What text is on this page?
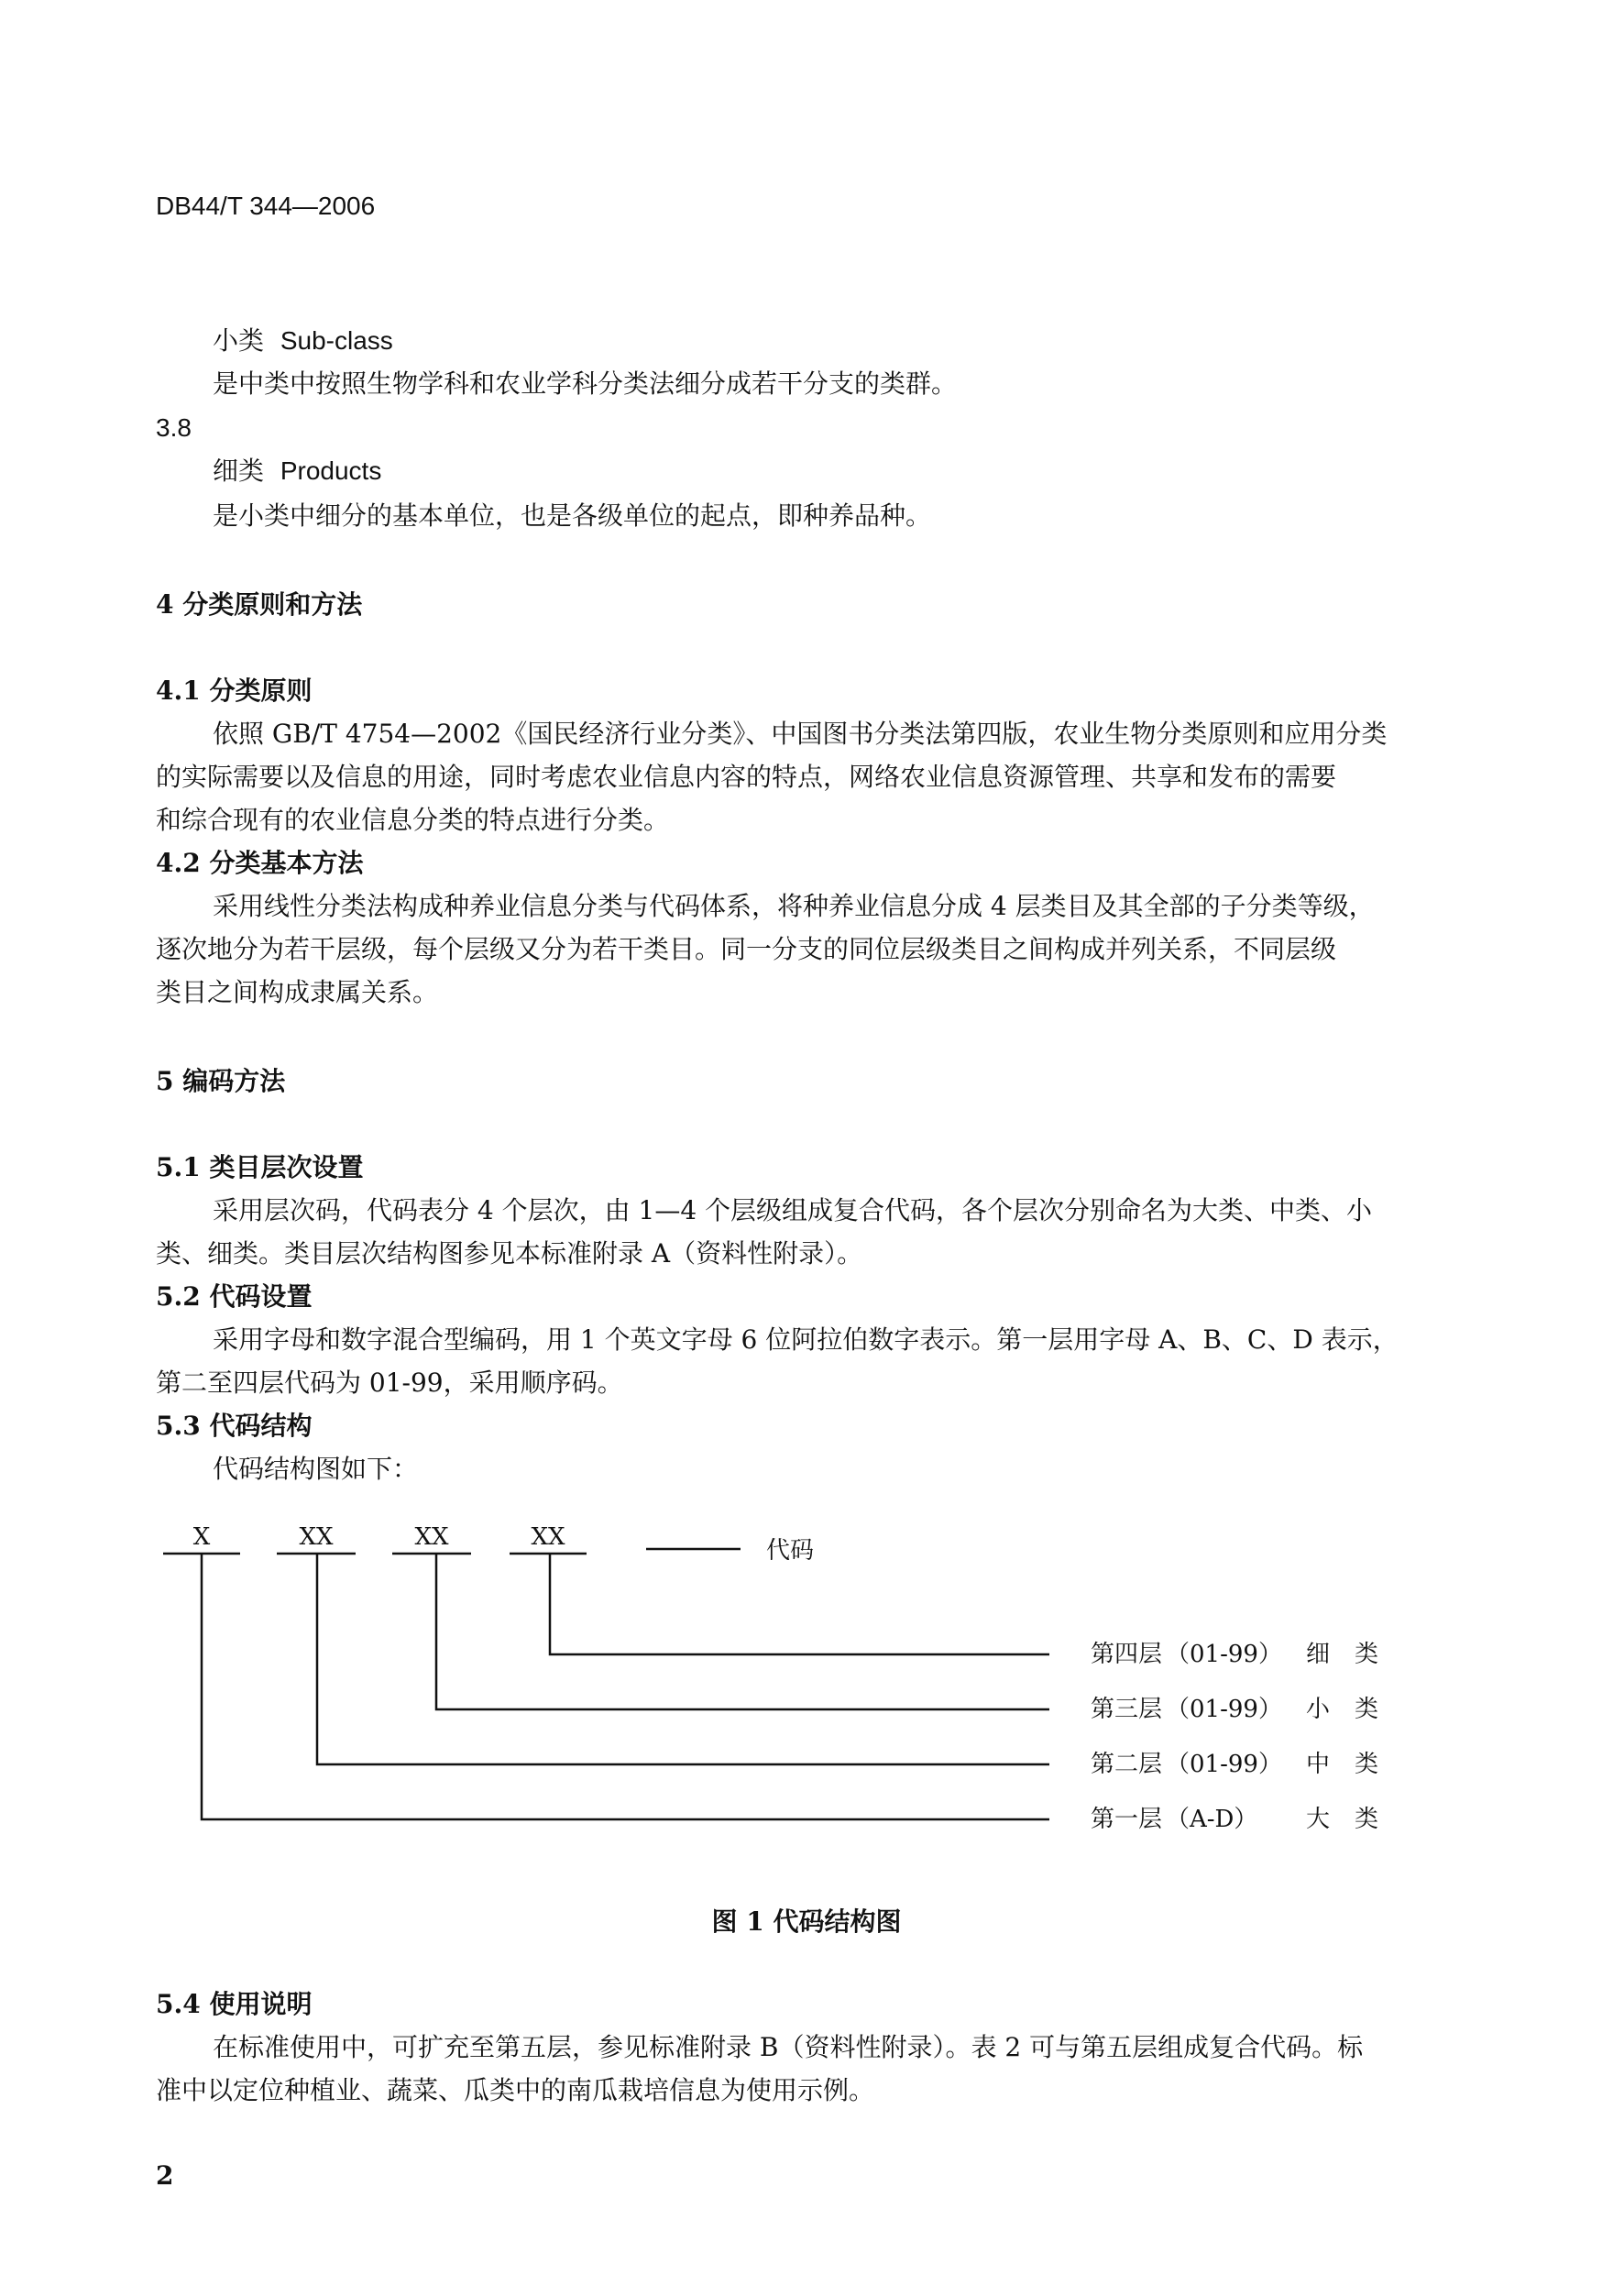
DB44/T 344—2006
小类 Sub-class
是中类中按照生物学科和农业学科分类法细分成若干分支的类群。
3.8
细类 Products
是小类中细分的基本单位，也是各级单位的起点，即种养品种。
4 分类原则和方法
4.1 分类原则
依照 GB/T 4754—2002《国民经济行业分类》、中国图书分类法第四版，农业生物分类原则和应用分类
的实际需要以及信息的用途，同时考虑农业信息内容的特点，网络农业信息资源管理、共享和发布的需要
和综合现有的农业信息分类的特点进行分类。
4.2 分类基本方法
采用线性分类法构成种养业信息分类与代码体系，将种养业信息分成 4 层类目及其全部的子分类等级，
逐次地分为若干层级，每个层级又分为若干类目。同一分支的同位层级类目之间构成并列关系，不同层级
类目之间构成隶属关系。
5 编码方法
5.1 类目层次设置
采用层次码，代码表分 4 个层次，由 1—4 个层级组成复合代码，各个层次分别命名为大类、中类、小
类、细类。类目层次结构图参见本标准附录 A（资料性附录）。
5.2 代码设置
采用字母和数字混合型编码，用 1 个英文字母 6 位阿拉伯数字表示。第一层用字母 A、B、C、D 表示，
第二至四层代码为 01-99，采用顺序码。
5.3 代码结构
代码结构图如下：
X	XX	XX	XX	代码
第四层 （01-99） 细 类
第三层 （01-99） 小 类
第二层 （01-99） 中 类
第一层 （A-D） 大 类
图 1 代码结构图
5.4 使用说明
在标准使用中，可扩充至第五层，参见标准附录 B（资料性附录）。表 2 可与第五层组成复合代码。标
准中以定位种植业、蔬菜、瓜类中的南瓜栽培信息为使用示例。
2
